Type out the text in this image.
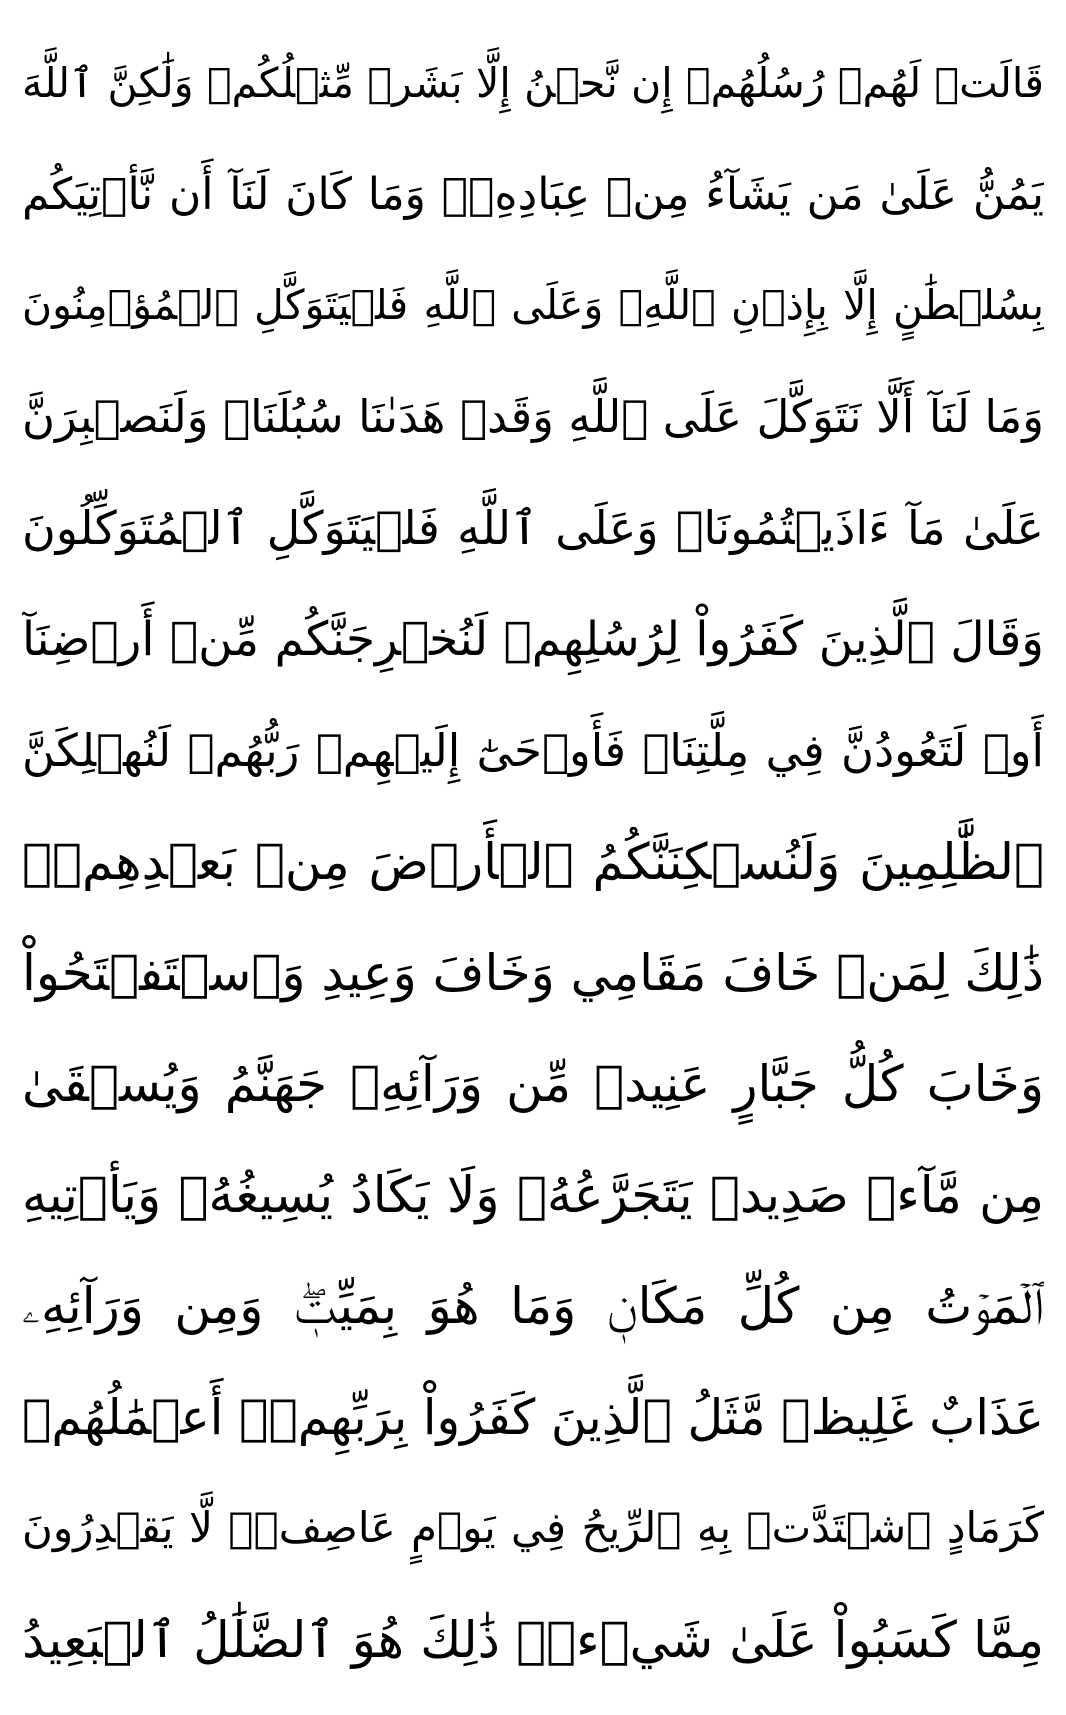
قَالَتۡ لَهُمۡ رُسُلُهُمۡ إِن نَّحۡنُ إِلَّا بَشَرٞ مِّثۡلُكُمۡ وَلَٰكِنَّ ٱللَّهَ
يَمُنُّ عَلَىٰ مَن يَشَآءُ مِنۡ عِبَادِهِۦۖ وَمَا كَانَ لَنَآ أَن نَّأۡتِيَكُم
بِسُلۡطَٰنٍ إِلَّا بِإِذۡنِ ٱللَّهِۚ وَعَلَى ٱللَّهِ فَلۡيَتَوَكَّلِ ٱلۡمُؤۡمِنُونَ
وَمَا لَنَآ أَلَّا نَتَوَكَّلَ عَلَى ٱللَّهِ وَقَدۡ هَدَىٰنَا سُبُلَنَاۚ وَلَنَصۡبِرَنَّ
عَلَىٰ مَآ ءَاذَيۡتُمُونَاۚ وَعَلَى ٱللَّهِ فَلۡيَتَوَكَّلِ ٱلۡمُتَوَكِّلُونَ
وَقَالَ ٱلَّذِينَ كَفَرُواْ لِرُسُلِهِمۡ لَنُخۡرِجَنَّكُم مِّنۡ أَرۡضِنَآ
أَوۡ لَتَعُودُنَّ فِي مِلَّتِنَاۖ فَأَوۡحَىٰٓ إِلَيۡهِمۡ رَبُّهُمۡ لَنُهۡلِكَنَّ
ٱلظَّٰلِمِينَ وَلَنُسۡكِنَنَّكُمُ ٱلۡأَرۡضَ مِنۢ بَعۡدِهِمۡۚ
ذَٰلِكَ لِمَنۡ خَافَ مَقَامِي وَخَافَ وَعِيدِ وَٱسۡتَفۡتَحُواْ
وَخَابَ كُلُّ جَبَّارٍ عَنِيدٖ مِّن وَرَآئِهِۦ جَهَنَّمُ وَيُسۡقَىٰ
مِن مَّآءٖ صَدِيدٖ يَتَجَرَّعُهُۥ وَلَا يَكَادُ يُسِيغُهُۥ وَيَأۡتِيهِ
ٱلۡمَوۡتُ مِن كُلِّ مَكَانٖ وَمَا هُوَ بِمَيِّتٖۖ وَمِن وَرَآئِهِۦ
عَذَابٌ غَلِيظٞ مَّثَلُ ٱلَّذِينَ كَفَرُواْ بِرَبِّهِمۡۖ أَعۡمَٰلُهُمۡ
كَرَمَادٍ ٱشۡتَدَّتۡ بِهِ ٱلرِّيحُ فِي يَوۡمٍ عَاصِفٖۖ لَّا يَقۡدِرُونَ
مِمَّا كَسَبُواْ عَلَىٰ شَيۡءٖۚ ذَٰلِكَ هُوَ ٱلضَّلَٰلُ ٱلۡبَعِيدُ
